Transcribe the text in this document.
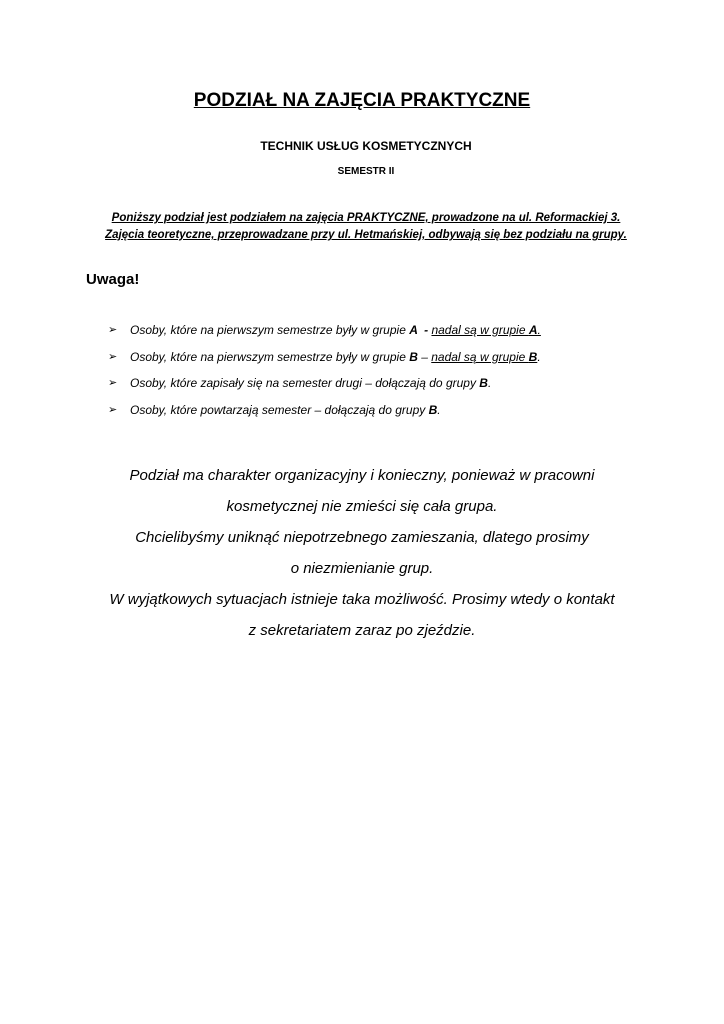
PODZIAŁ NA ZAJĘCIA PRAKTYCZNE
TECHNIK USŁUG KOSMETYCZNYCH
SEMESTR II
Poniższy podział jest podziałem na zajęcia PRAKTYCZNE, prowadzone na ul. Reformackiej 3.
Zajęcia teoretyczne, przeprowadzane przy ul. Hetmańskiej, odbywają się bez podziału na grupy.
Uwaga!
➢	Osoby, które na pierwszym semestrze były w grupie A  - nadal są w grupie A.
➢	Osoby, które na pierwszym semestrze były w grupie B – nadal są w grupie B.
➢	Osoby, które zapisały się na semester drugi – dołączają do grupy B.
➢	Osoby, które powtarzają semester – dołączają do grupy B.
Podział ma charakter organizacyjny i konieczny, ponieważ w pracowni
kosmetycznej nie zmieści się cała grupa.
Chcielibyśmy uniknąć niepotrzebnego zamieszania, dlatego prosimy
o niezmienianie grup.
W wyjątkowych sytuacjach istnieje taka możliwość. Prosimy wtedy o kontakt
z sekretariatem zaraz po zjeździe.
